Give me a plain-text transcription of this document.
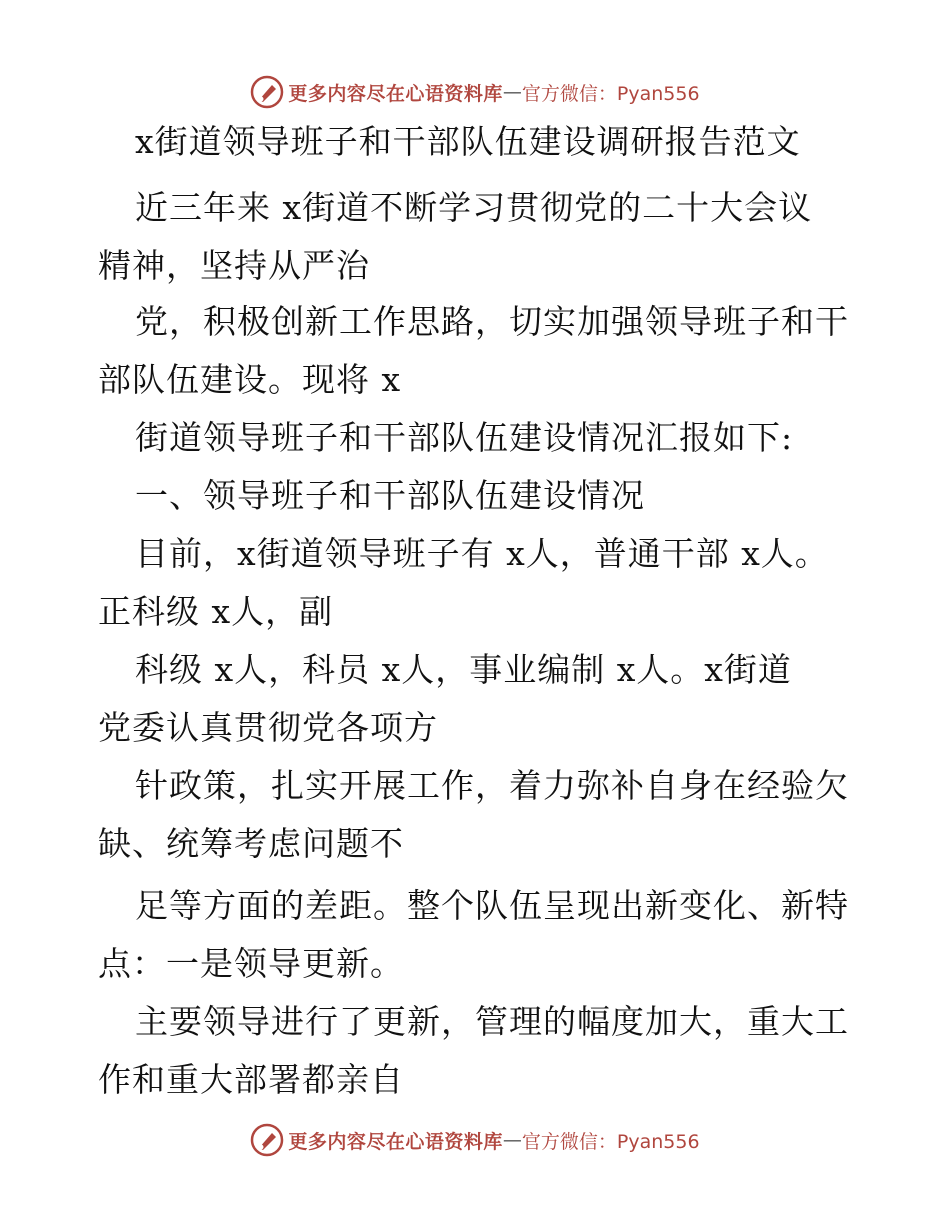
更多内容尽在心语资料库 — 官方微信：Pyan556
x街道领导班子和干部队伍建设调研报告范文
近三年来 x街道不断学习贯彻党的二十大会议
精神，坚持从严治
党，积极创新工作思路，切实加强领导班子和干
部队伍建设。现将 x
街道领导班子和干部队伍建设情况汇报如下:
一、领导班子和干部队伍建设情况
目前，x街道领导班子有 x人，普通干部 x人。
正科级 x人，副
科级 x人，科员 x人，事业编制 x人。x街道
党委认真贯彻党各项方
针政策，扎实开展工作，着力弥补自身在经验欠
缺、统筹考虑问题不
足等方面的差距。整个队伍呈现出新变化、新特
点：一是领导更新。
主要领导进行了更新，管理的幅度加大，重大工
作和重大部署都亲自
更多内容尽在心语资料库 — 官方微信：Pyan556
